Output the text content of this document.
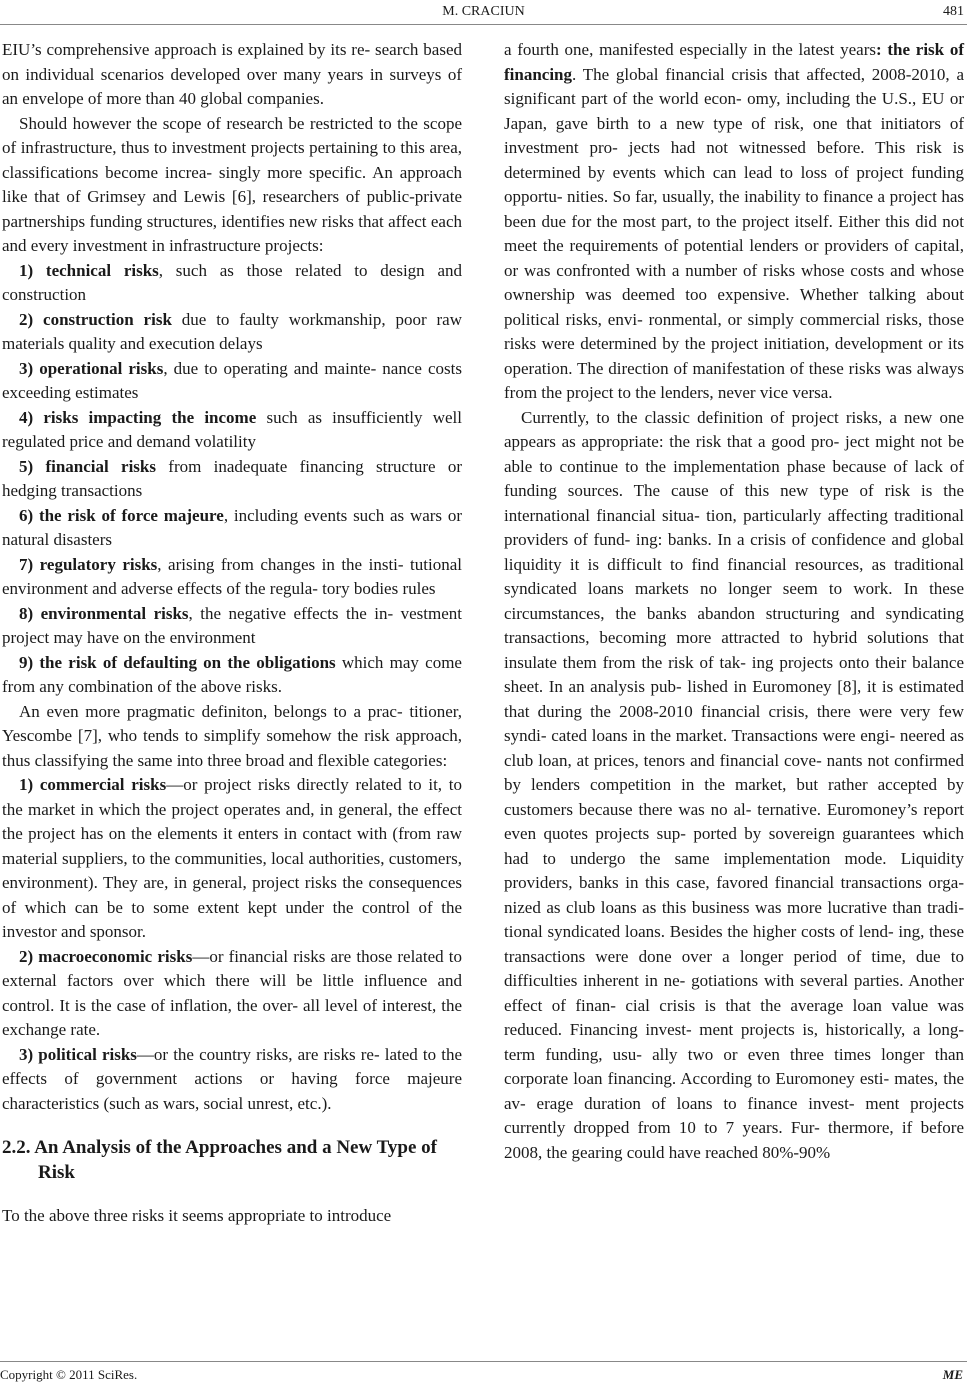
M. CRACIUN	481

EIU’s comprehensive approach is explained by its re- search based on individual scenarios developed over many years in surveys of an envelope of more than 40 global companies.

Should however the scope of research be restricted to the scope of infrastructure, thus to investment projects pertaining to this area, classifications become increa- singly more specific. An approach like that of Grimsey and Lewis [6], researchers of public-private partnerships funding structures, identifies new risks that affect each and every investment in infrastructure projects:

1) technical risks, such as those related to design and construction

2) construction risk due to faulty workmanship, poor raw materials quality and execution delays

3) operational risks, due to operating and mainte- nance costs exceeding estimates

4) risks impacting the income such as insufficiently well regulated price and demand volatility

5) financial risks from inadequate financing structure or hedging transactions

6) the risk of force majeure, including events such as wars or natural disasters

7) regulatory risks, arising from changes in the insti- tutional environment and adverse effects of the regula- tory bodies rules

8) environmental risks, the negative effects the in- vestment project may have on the environment

9) the risk of defaulting on the obligations which may come from any combination of the above risks.

An even more pragmatic definiton, belongs to a prac- titioner, Yescombe [7], who tends to simplify somehow the risk approach, thus classifying the same into three broad and flexible categories:

1) commercial risks—or project risks directly related to it, to the market in which the project operates and, in general, the effect the project has on the elements it enters in contact with (from raw material suppliers, to the communities, local authorities, customers, environment). They are, in general, project risks the consequences of which can be to some extent kept under the control of the investor and sponsor.

2) macroeconomic risks—or financial risks are those related to external factors over which there will be little influence and control. It is the case of inflation, the over- all level of interest, the exchange rate.

3) political risks—or the country risks, are risks re- lated to the effects of government actions or having force majeure characteristics (such as wars, social unrest, etc.).

2.2. An Analysis of the Approaches and a New Type of Risk

To the above three risks it seems appropriate to introduce

a fourth one, manifested especially in the latest years: the risk of financing. The global financial crisis that affected, 2008-2010, a significant part of the world econ- omy, including the U.S., EU or Japan, gave birth to a new type of risk, one that initiators of investment pro- jects had not witnessed before. This risk is determined by events which can lead to loss of project funding opportu- nities. So far, usually, the inability to finance a project has been due for the most part, to the project itself. Either this did not meet the requirements of potential lenders or providers of capital, or was confronted with a number of risks whose costs and whose ownership was deemed too expensive. Whether talking about political risks, envi- ronmental, or simply commercial risks, those risks were determined by the project initiation, development or its operation. The direction of manifestation of these risks was always from the project to the lenders, never vice versa.

Currently, to the classic definition of project risks, a new one appears as appropriate: the risk that a good pro- ject might not be able to continue to the implementation phase because of lack of funding sources. The cause of this new type of risk is the international financial situa- tion, particularly affecting traditional providers of fund- ing: banks. In a crisis of confidence and global liquidity it is difficult to find financial resources, as traditional syndicated loans markets no longer seem to work. In these circumstances, the banks abandon structuring and syndicating transactions, becoming more attracted to hybrid solutions that insulate them from the risk of tak- ing projects onto their balance sheet. In an analysis pub- lished in Euromoney [8], it is estimated that during the 2008-2010 financial crisis, there were very few syndi- cated loans in the market. Transactions were engi- neered as club loan, at prices, tenors and financial cove- nants not confirmed by lenders competition in the market, but rather accepted by customers because there was no al- ternative. Euromoney’s report even quotes projects sup- ported by sovereign guarantees which had to undergo the same implementation mode. Liquidity providers, banks in this case, favored financial transactions orga- nized as club loans as this business was more lucrative than tradi- tional syndicated loans. Besides the higher costs of lend- ing, these transactions were done over a longer period of time, due to difficulties inherent in ne- gotiations with several parties. Another effect of finan- cial crisis is that the average loan value was reduced. Financing invest- ment projects is, historically, a long- term funding, usu- ally two or even three times longer than corporate loan financing. According to Euromoney esti- mates, the av- erage duration of loans to finance invest- ment projects currently dropped from 10 to 7 years. Fur- thermore, if before 2008, the gearing could have reached 80%-90%

Copyright © 2011 SciRes.	ME
